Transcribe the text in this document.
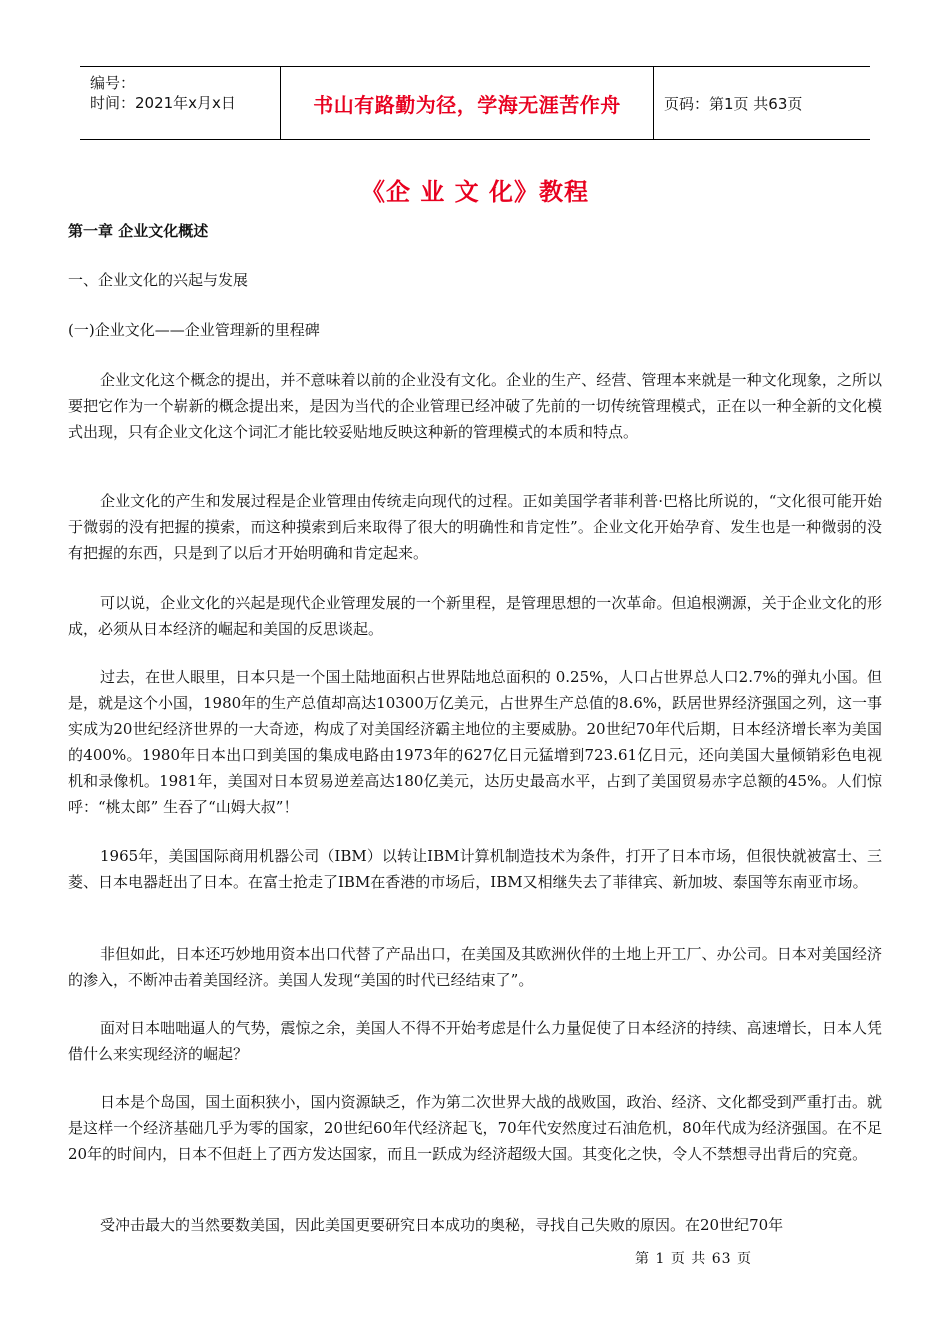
编号：
时间：2021年x月x日	书山有路勤为径，学海无涯苦作舟	页码：第1页 共63页
《企 业 文 化》教程
第一章 企业文化概述
一、企业文化的兴起与发展
(一)企业文化——企业管理新的里程碑

企业文化这个概念的提出，并不意味着以前的企业没有文化。企业的生产、经营、管理本来就是一种文化现象，之所以要把它作为一个崭新的概念提出来，是因为当代的企业管理已经冲破了先前的一切传统管理模式，正在以一种全新的文化模式出现，只有企业文化这个词汇才能比较妥贴地反映这种新的管理模式的本质和特点。

企业文化的产生和发展过程是企业管理由传统走向现代的过程。正如美国学者菲利普·巴格比所说的，“文化很可能开始于微弱的没有把握的摸索，而这种摸索到后来取得了很大的明确性和肯定性”。企业文化开始孕育、发生也是一种微弱的没有把握的东西，只是到了以后才开始明确和肯定起来。

可以说，企业文化的兴起是现代企业管理发展的一个新里程，是管理思想的一次革命。但追根溯源，关于企业文化的形成，必须从日本经济的崛起和美国的反思谈起。

过去，在世人眼里，日本只是一个国土陆地面积占世界陆地总面积的 0.25%，人口占世界总人口2.7%的弹丸小国。但是，就是这个小国，1980年的生产总值却高达10300万亿美元，占世界生产总值的8.6%，跃居世界经济强国之列，这一事实成为20世纪经济世界的一大奇迹，构成了对美国经济霸主地位的主要威胁。20世纪70年代后期，日本经济增长率为美国的400%。1980年日本出口到美国的集成电路由1973年的627亿日元猛增到723.61亿日元，还向美国大量倾销彩色电视机和录像机。1981年，美国对日本贸易逆差高达180亿美元，达历史最高水平，占到了美国贸易赤字总额的45%。人们惊呼：“桃太郎” 生吞了“山姆大叔”！

1965年，美国国际商用机器公司（IBM）以转让IBM计算机制造技术为条件，打开了日本市场，但很快就被富士、三菱、日本电器赶出了日本。在富士抢走了IBM在香港的市场后，IBM又相继失去了菲律宾、新加坡、泰国等东南亚市场。

非但如此，日本还巧妙地用资本出口代替了产品出口，在美国及其欧洲伙伴的土地上开工厂、办公司。日本对美国经济的渗入，不断冲击着美国经济。美国人发现“美国的时代已经结束了”。

面对日本咄咄逼人的气势，震惊之余，美国人不得不开始考虑是什么力量促使了日本经济的持续、高速增长，日本人凭借什么来实现经济的崛起？

日本是个岛国，国土面积狭小，国内资源缺乏，作为第二次世界大战的战败国，政治、经济、文化都受到严重打击。就是这样一个经济基础几乎为零的国家，20世纪60年代经济起飞，70年代安然度过石油危机，80年代成为经济强国。在不足20年的时间内，日本不但赶上了西方发达国家，而且一跃成为经济超级大国。其变化之快，令人不禁想寻出背后的究竟。

受冲击最大的当然要数美国，因此美国更要研究日本成功的奥秘，寻找自己失败的原因。在20世纪70年

第 1 页 共 63 页
